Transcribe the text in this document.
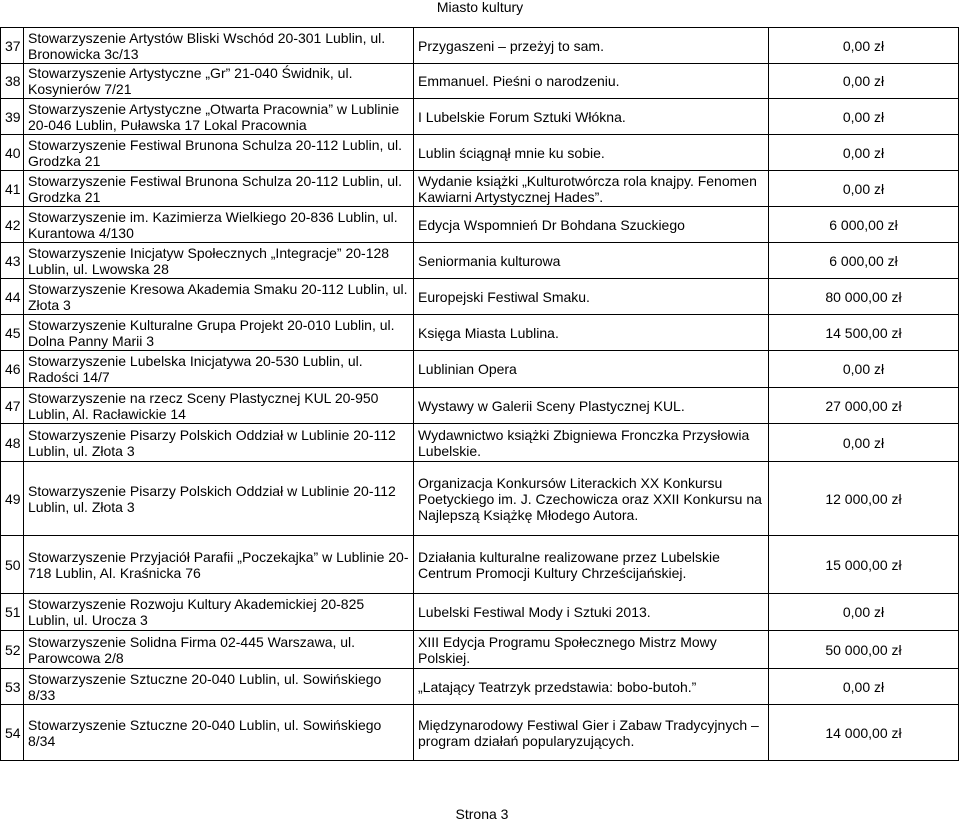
Miasto kultury
37	Stowarzyszenie Artystów Bliski Wschód 20-301 Lublin, ul. Bronowicka 3c/13	Przygaszeni – przeżyj to sam.	0,00 zł
38	Stowarzyszenie Artystyczne „Gr” 21-040 Świdnik, ul. Kosynierów 7/21	Emmanuel. Pieśni o narodzeniu.	0,00 zł
39	Stowarzyszenie Artystyczne „Otwarta Pracownia” w Lublinie 20-046 Lublin, Puławska 17 Lokal Pracownia	I Lubelskie Forum Sztuki Włókna.	0,00 zł
40	Stowarzyszenie Festiwal Brunona Schulza 20-112 Lublin, ul. Grodzka 21	Lublin ściągnął mnie ku sobie.	0,00 zł
41	Stowarzyszenie Festiwal Brunona Schulza 20-112 Lublin, ul. Grodzka 21	Wydanie książki „Kulturotwórcza rola knajpy. Fenomen Kawiarni Artystycznej Hades”.	0,00 zł
42	Stowarzyszenie im. Kazimierza Wielkiego 20-836 Lublin, ul. Kurantowa 4/130	Edycja Wspomnień Dr Bohdana Szuckiego	6 000,00 zł
43	Stowarzyszenie Inicjatyw Społecznych „Integracje” 20-128 Lublin, ul. Lwowska 28	Seniormania kulturowa	6 000,00 zł
44	Stowarzyszenie Kresowa Akademia Smaku 20-112 Lublin, ul. Złota 3	Europejski Festiwal Smaku.	80 000,00 zł
45	Stowarzyszenie Kulturalne Grupa Projekt 20-010 Lublin, ul. Dolna Panny Marii 3	Księga Miasta Lublina.	14 500,00 zł
46	Stowarzyszenie Lubelska Inicjatywa 20-530 Lublin, ul. Radości 14/7	Lublinian Opera	0,00 zł
47	Stowarzyszenie na rzecz Sceny Plastycznej KUL 20-950 Lublin, Al. Racławickie 14	Wystawy w Galerii Sceny Plastycznej KUL.	27 000,00 zł
48	Stowarzyszenie Pisarzy Polskich Oddział w Lublinie 20-112 Lublin, ul. Złota 3	Wydawnictwo książki Zbigniewa Fronczka Przysłowia Lubelskie.	0,00 zł
49	Stowarzyszenie Pisarzy Polskich Oddział w Lublinie 20-112 Lublin, ul. Złota 3	Organizacja Konkursów Literackich XX Konkursu Poetyckiego im. J. Czechowicza oraz XXII Konkursu na Najlepszą Książkę Młodego Autora.	12 000,00 zł
50	Stowarzyszenie Przyjaciół Parafii „Poczekajka” w Lublinie 20-718 Lublin, Al. Kraśnicka 76	Działania kulturalne realizowane przez Lubelskie Centrum Promocji Kultury Chrześcijańskiej.	15 000,00 zł
51	Stowarzyszenie Rozwoju Kultury Akademickiej 20-825 Lublin, ul. Urocza 3	Lubelski Festiwal Mody i Sztuki 2013.	0,00 zł
52	Stowarzyszenie Solidna Firma 02-445 Warszawa, ul. Parowcowa 2/8	XIII Edycja Programu Społecznego Mistrz Mowy Polskiej.	50 000,00 zł
53	Stowarzyszenie Sztuczne 20-040 Lublin, ul. Sowińskiego 8/33	„Latający Teatrzyk przedstawia: bobo-butoh.”	0,00 zł
54	Stowarzyszenie Sztuczne 20-040 Lublin, ul. Sowińskiego 8/34	Międzynarodowy Festiwal Gier i Zabaw Tradycyjnych – program działań popularyzujących.	14 000,00 zł
Strona 3
